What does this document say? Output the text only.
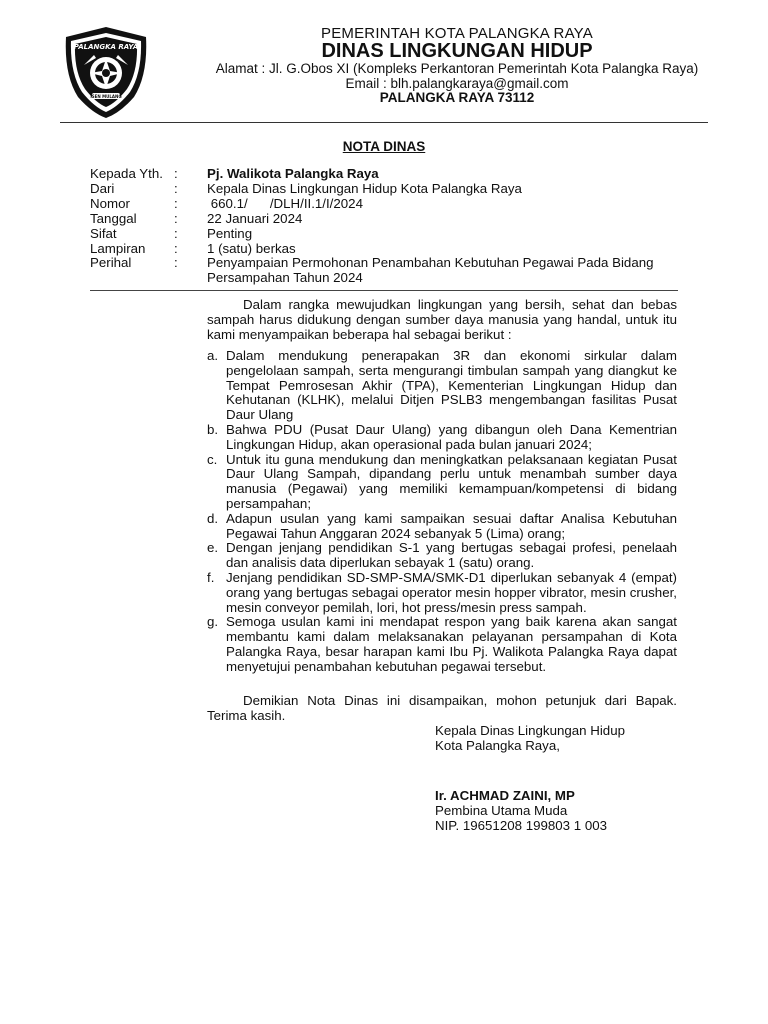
PALANGKA RAYA
ISEN MULANG
PEMERINTAH KOTA PALANGKA RAYA
DINAS LINGKUNGAN HIDUP
Alamat : Jl. G.Obos XI (Kompleks Perkantoran Pemerintah Kota Palangka Raya)
Email : blh.palangkaraya@gmail.com
PALANGKA RAYA 73112
NOTA DINAS
Kepada Yth. :	Pj. Walikota Palangka Raya
Dari	:	Kepala Dinas Lingkungan Hidup Kota Palangka Raya
Nomor	:	660.1/      /DLH/II.1/I/2024
Tanggal	:	22 Januari 2024
Sifat	:	Penting
Lampiran	:	1 (satu) berkas
Perihal	:	Penyampaian Permohonan Penambahan Kebutuhan Pegawai Pada Bidang Persampahan Tahun 2024
Dalam rangka mewujudkan lingkungan yang bersih, sehat dan bebas sampah harus didukung dengan sumber daya manusia yang handal, untuk itu kami menyampaikan beberapa hal sebagai berikut :
a. Dalam mendukung penerapakan 3R dan ekonomi sirkular dalam pengelolaan sampah, serta mengurangi timbulan sampah yang diangkut ke Tempat Pemrosesan Akhir (TPA), Kementerian Lingkungan Hidup dan Kehutanan (KLHK), melalui Ditjen PSLB3 mengembangan fasilitas Pusat Daur Ulang
b. Bahwa PDU (Pusat Daur Ulang) yang dibangun oleh Dana Kementrian Lingkungan Hidup, akan operasional pada bulan januari 2024;
c. Untuk itu guna mendukung dan meningkatkan pelaksanaan kegiatan Pusat Daur Ulang Sampah, dipandang perlu untuk menambah sumber daya manusia (Pegawai) yang memiliki kemampuan/kompetensi di bidang persampahan;
d. Adapun usulan yang kami sampaikan sesuai daftar Analisa Kebutuhan Pegawai Tahun Anggaran 2024 sebanyak 5 (Lima) orang;
e. Dengan jenjang pendidikan S-1 yang bertugas sebagai profesi, penelaah dan analisis data diperlukan sebayak 1 (satu) orang.
f. Jenjang pendidikan SD-SMP-SMA/SMK-D1 diperlukan sebanyak 4 (empat) orang yang bertugas sebagai operator mesin hopper vibrator, mesin crusher, mesin conveyor pemilah, lori, hot press/mesin press sampah.
g. Semoga usulan kami ini mendapat respon yang baik karena akan sangat membantu kami dalam melaksanakan pelayanan persampahan di Kota Palangka Raya, besar harapan kami Ibu Pj. Walikota Palangka Raya dapat menyetujui penambahan kebutuhan pegawai tersebut.
Demikian Nota Dinas ini disampaikan, mohon petunjuk dari Bapak. Terima kasih.
Kepala Dinas Lingkungan Hidup
Kota Palangka Raya,
Ir. ACHMAD ZAINI, MP
Pembina Utama Muda
NIP. 19651208 199803 1 003
